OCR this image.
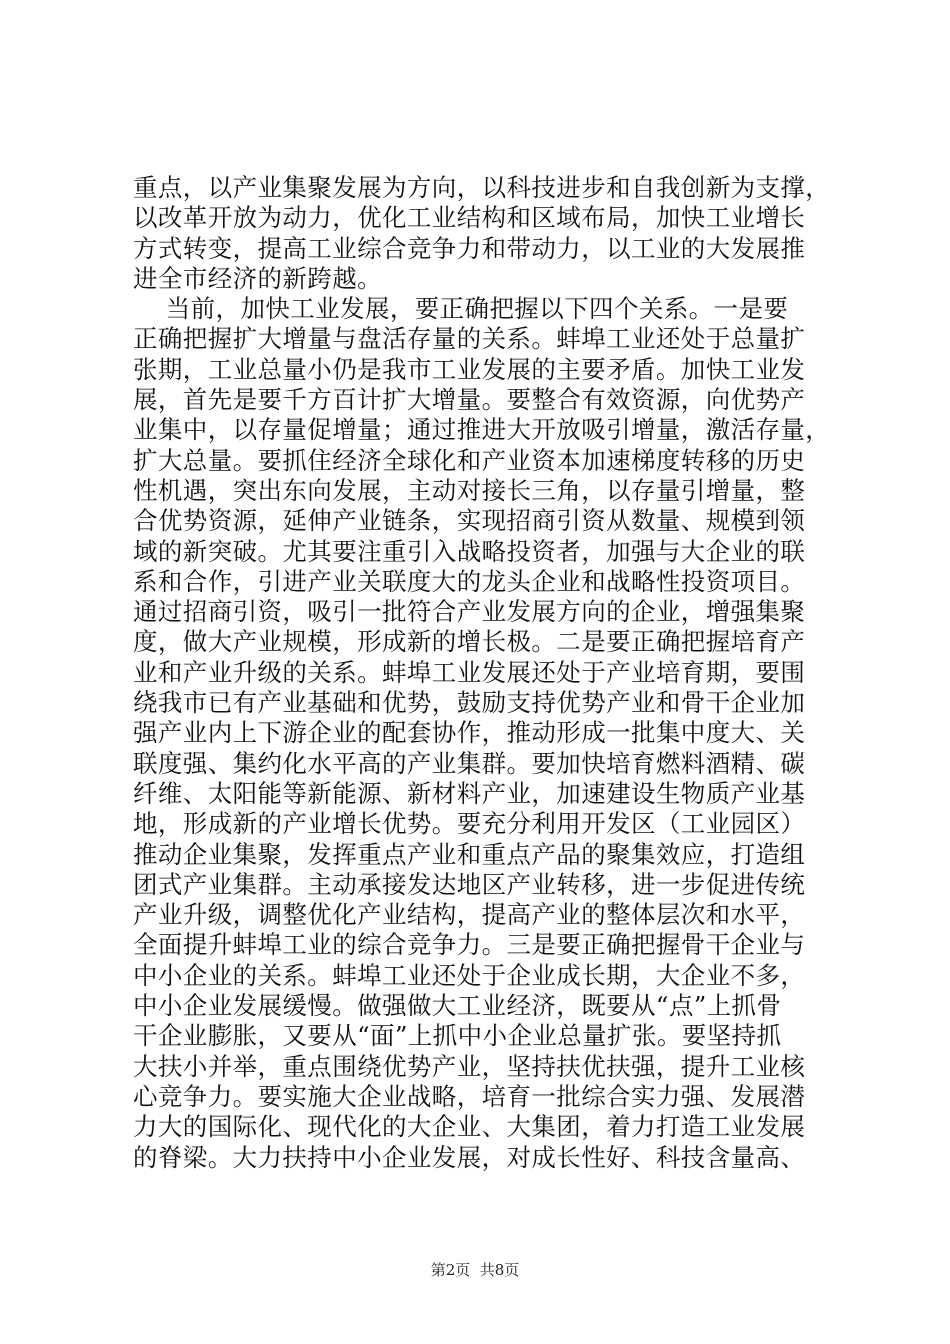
重点，以产业集聚发展为方向，以科技进步和自我创新为支撑，
以改革开放为动力，优化工业结构和区域布局，加快工业增长
方式转变，提高工业综合竞争力和带动力，以工业的大发展推
进全市经济的新跨越。
当前，加快工业发展，要正确把握以下四个关系。一是要
正确把握扩大增量与盘活存量的关系。蚌埠工业还处于总量扩
张期，工业总量小仍是我市工业发展的主要矛盾。加快工业发
展，首先是要千方百计扩大增量。要整合有效资源，向优势产
业集中，以存量促增量；通过推进大开放吸引增量，激活存量，
扩大总量。要抓住经济全球化和产业资本加速梯度转移的历史
性机遇，突出东向发展，主动对接长三角，以存量引增量，整
合优势资源，延伸产业链条，实现招商引资从数量、规模到领
域的新突破。尤其要注重引入战略投资者，加强与大企业的联
系和合作，引进产业关联度大的龙头企业和战略性投资项目。
通过招商引资，吸引一批符合产业发展方向的企业，增强集聚
度，做大产业规模，形成新的增长极。二是要正确把握培育产
业和产业升级的关系。蚌埠工业发展还处于产业培育期，要围
绕我市已有产业基础和优势，鼓励支持优势产业和骨干企业加
强产业内上下游企业的配套协作，推动形成一批集中度大、关
联度强、集约化水平高的产业集群。要加快培育燃料酒精、碳
纤维、太阳能等新能源、新材料产业，加速建设生物质产业基
地，形成新的产业增长优势。要充分利用开发区（工业园区）
推动企业集聚，发挥重点产业和重点产品的聚集效应，打造组
团式产业集群。主动承接发达地区产业转移，进一步促进传统
产业升级，调整优化产业结构，提高产业的整体层次和水平，
全面提升蚌埠工业的综合竞争力。三是要正确把握骨干企业与
中小企业的关系。蚌埠工业还处于企业成长期，大企业不多，
中小企业发展缓慢。做强做大工业经济，既要从“点”上抓骨
干企业膨胀，又要从“面”上抓中小企业总量扩张。要坚持抓
大扶小并举，重点围绕优势产业，坚持扶优扶强，提升工业核
心竞争力。要实施大企业战略，培育一批综合实力强、发展潜
力大的国际化、现代化的大企业、大集团，着力打造工业发展
的脊梁。大力扶持中小企业发展，对成长性好、科技含量高、
第2页  共8页
